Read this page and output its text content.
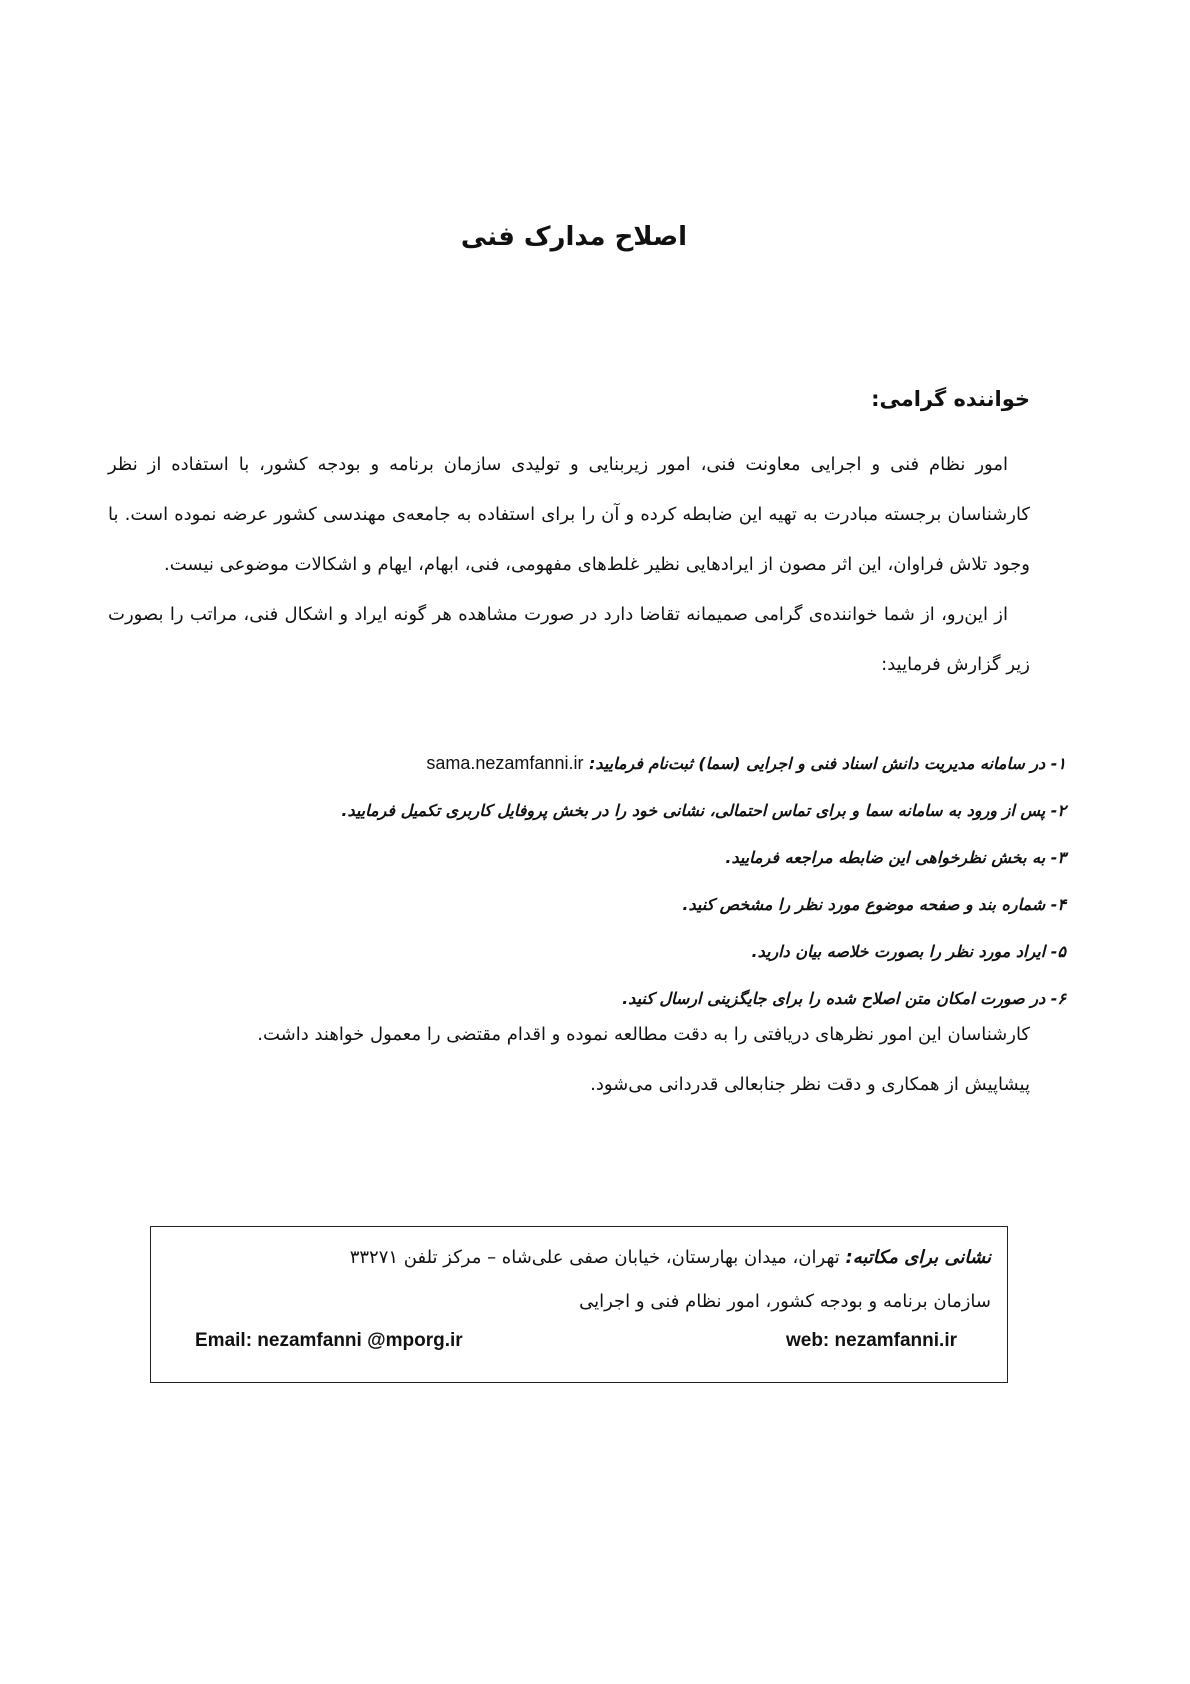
اصلاح مدارک فنی
خواننده گرامی:

امور نظام فنی و اجرایی معاونت فنی، امور زیربنایی و تولیدی سازمان برنامه و بودجه کشور، با استفاده از نظر کارشناسان برجسته مبادرت به تهیه این ضابطه کرده و آن را برای استفاده به جامعه‌ی مهندسی کشور عرضه نموده است. با وجود تلاش فراوان، این اثر مصون از ایرادهایی نظیر غلط‌های مفهومی، فنی، ابهام، ایهام و اشکالات موضوعی نیست.

از این‌رو، از شما خواننده‌ی گرامی صمیمانه تقاضا دارد در صورت مشاهده هر گونه ایراد و اشکال فنی، مراتب را بصورت زیر گزارش فرمایید:

۱- در سامانه مدیریت دانش اسناد فنی و اجرایی (سما) ثبت‌نام فرمایید: sama.nezamfanni.ir
۲- پس از ورود به سامانه سما و برای تماس احتمالی، نشانی خود را در بخش پروفایل کاربری تکمیل فرمایید.
۳- به بخش نظرخواهی این ضابطه مراجعه فرمایید.
۴- شماره بند و صفحه موضوع مورد نظر را مشخص کنید.
۵- ایراد مورد نظر را بصورت خلاصه بیان دارید.
۶- در صورت امکان متن اصلاح شده را برای جایگزینی ارسال کنید.

کارشناسان این امور نظرهای دریافتی را به دقت مطالعه نموده و اقدام مقتضی را معمول خواهند داشت.

پیشاپیش از همکاری و دقت نظر جنابعالی قدردانی می‌شود.

نشانی برای مکاتبه: تهران، میدان بهارستان، خیابان صفی علی‌شاه – مرکز تلفن ۳۳۲۷۱
سازمان برنامه و بودجه کشور، امور نظام فنی و اجرایی
web: nezamfanni.ir
Email: nezamfanni @mporg.ir
